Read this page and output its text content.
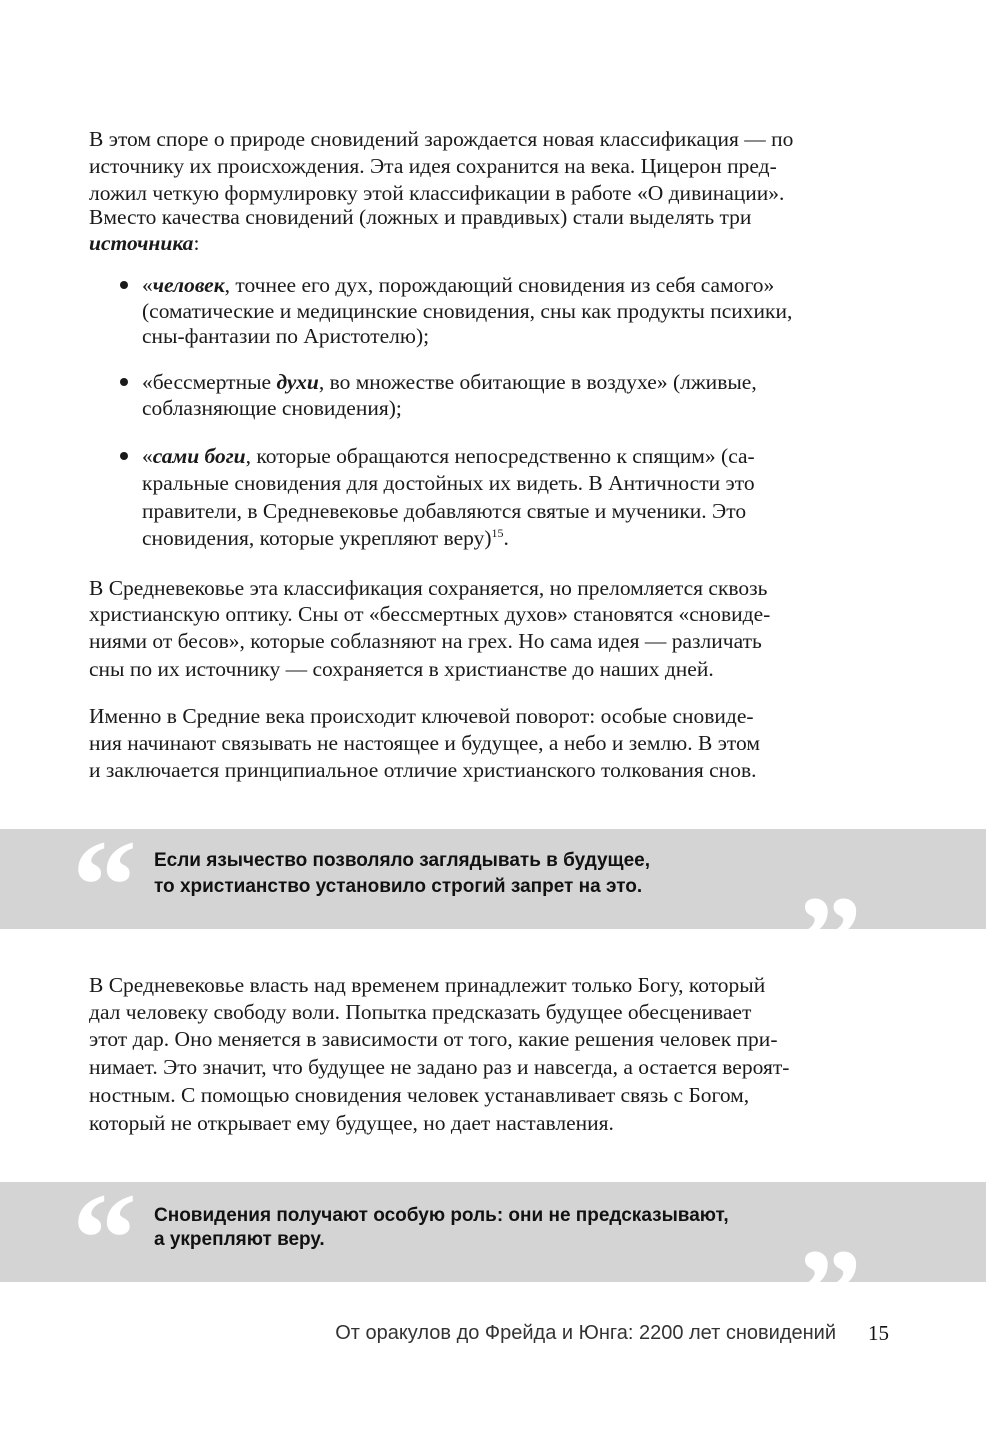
В этом споре о природе сновидений зарождается новая классификация — по
источнику их происхождения. Эта идея сохранится на века. Цицерон пред-
ложил четкую формулировку этой классификации в работе «О дивинации».
Вместо качества сновидений (ложных и правдивых) стали выделять три
источника:
«человек, точнее его дух, порождающий сновидения из себя самого»
(соматические и медицинские сновидения, сны как продукты психики,
сны-фантазии по Аристотелю);
«бессмертные духи, во множестве обитающие в воздухе» (лживые,
соблазняющие сновидения);
«сами боги, которые обращаются непосредственно к спящим» (са-
кральные сновидения для достойных их видеть. В Античности это
правители, в Средневековье добавляются святые и мученики. Это
сновидения, которые укрепляют веру)$^{15}$.
В Средневековье эта классификация сохраняется, но преломляется сквозь
христианскую оптику. Сны от «бессмертных духов» становятся «сновиде-
ниями от бесов», которые соблазняют на грех. Но сама идея — различать
сны по их источнику — сохраняется в христианстве до наших дней.
Именно в Средние века происходит ключевой поворот: особые сновиде-
ния начинают связывать не настоящее и будущее, а небо и землю. В этом
и заключается принципиальное отличие христианского толкования снов.
“ Если язычество позволяло заглядывать в будущее,
то христианство установило строгий запрет на это. ”
В Средневековье власть над временем принадлежит только Богу, который
дал человеку свободу воли. Попытка предсказать будущее обесценивает
этот дар. Оно меняется в зависимости от того, какие решения человек при-
нимает. Это значит, что будущее не задано раз и навсегда, а остается вероят-
ностным. С помощью сновидения человек устанавливает связь с Богом,
который не открывает ему будущее, но дает наставления.
“ Сновидения получают особую роль: они не предсказывают,
а укрепляют веру.	”
От оракулов до Фрейда и Юнга: 2200 лет сновидений 15
